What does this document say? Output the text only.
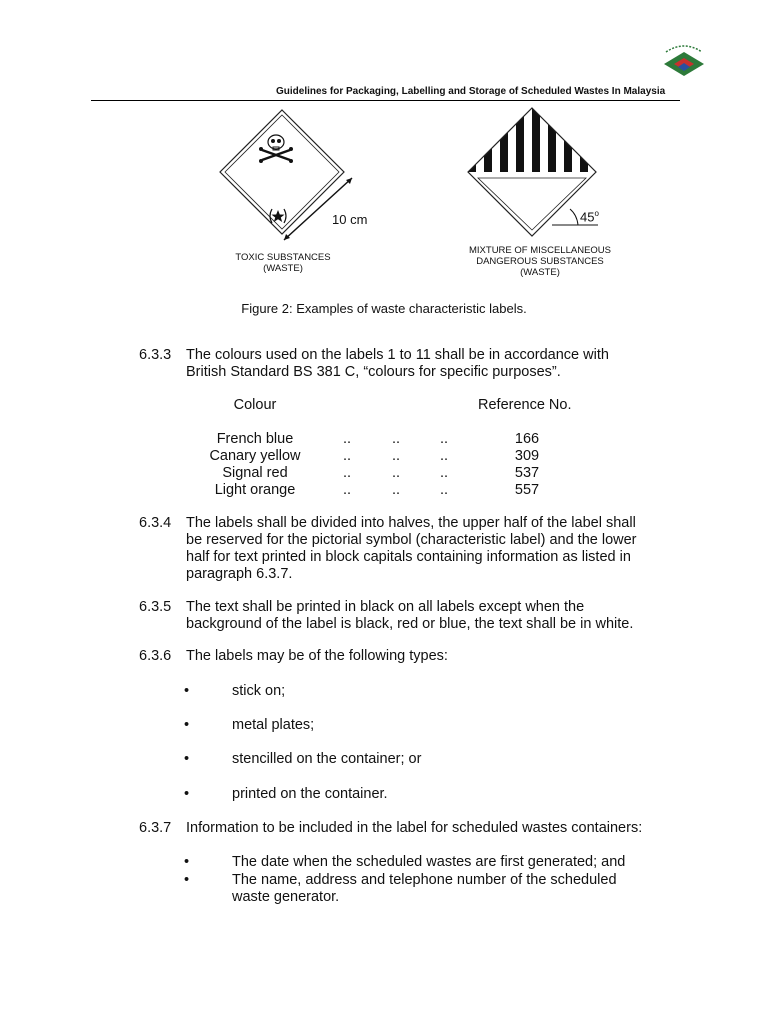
Guidelines for Packaging, Labelling and Storage of Scheduled Wastes In Malaysia
10 cm
TOXIC SUBSTANCES
(WASTE)
45$^o$
MIXTURE OF MISCELLANEOUS
DANGEROUS SUBSTANCES
(WASTE)
Figure 2: Examples of waste characteristic labels.
6.3.3	The colours used on the labels 1 to 11 shall be in accordance with
British Standard BS 381 C, “colours for specific purposes”.
Colour	Reference No.
French blue	..	..	..	166
Canary yellow	..	..	..	309
Signal red	..	..	..	537
Light orange	..	..	..	557
6.3.4	The labels shall be divided into halves, the upper half of the label shall
be reserved for the pictorial symbol (characteristic label) and the lower
half for text printed in block capitals containing information as listed in
paragraph 6.3.7.
6.3.5	The text shall be printed in black on all labels except when the
background of the label is black, red or blue, the text shall be in white.
6.3.6	The labels may be of the following types:
•	stick on;
•	metal plates;
•	stencilled on the container; or
•	printed on the container.
6.3.7	Information to be included in the label for scheduled wastes containers:
•	The date when the scheduled wastes are first generated; and
•	The name, address and telephone number of the scheduled
waste generator.
